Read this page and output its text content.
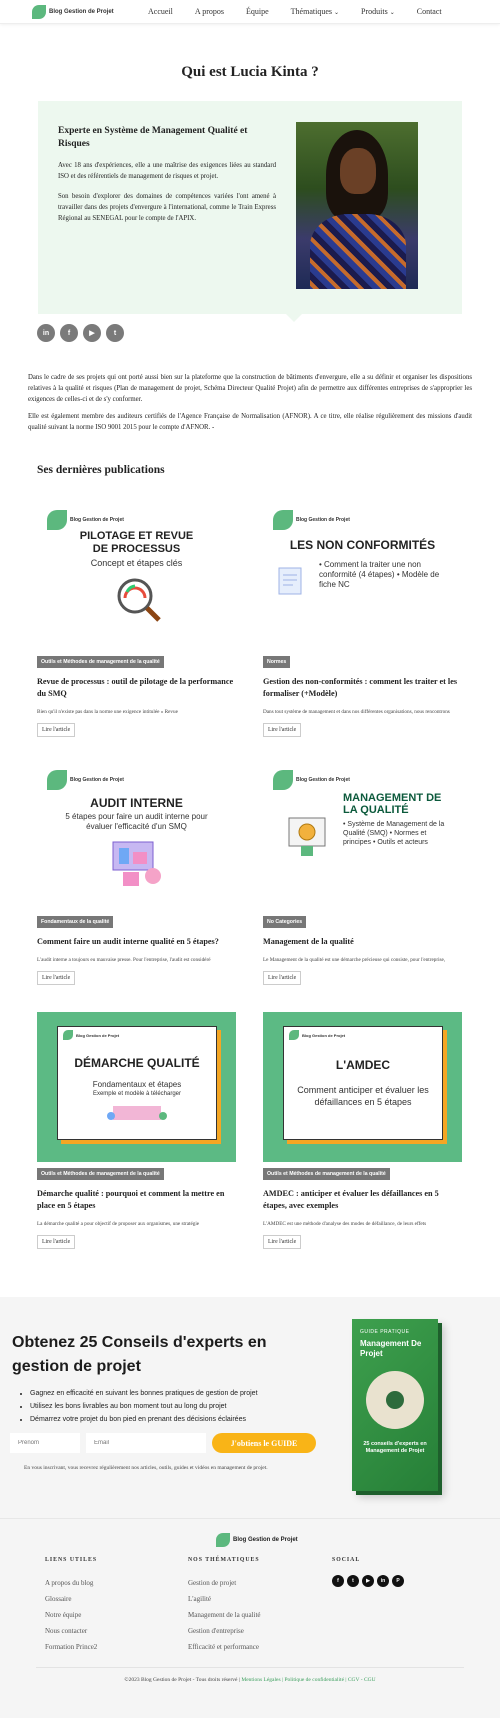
Blog Gestion de Projet	Accueil	A propos	Équipe	Thématiques ⌄	Produits ⌄	Contact
Qui est Lucia Kinta ?
Experte en Système de Management Qualité et Risques

Avec 18 ans d'expériences, elle a une maîtrise des exigences liées au standard ISO et des référentiels de management de risques et projet.

Son besoin d'explorer des domaines de compétences variées l'ont amené à travailler dans des projets d'envergure à l'international, comme le Train Express Régional au SENEGAL pour le compte de l'APIX.

in	f	▶	t

Dans le cadre de ses projets qui ont porté aussi bien sur la plateforme que la construction de bâtiments d'envergure, elle a su définir et organiser les dispositions relatives à la qualité et risques (Plan de management de projet, Schéma Directeur Qualité Projet) afin de permettre aux différentes entreprises de s'approprier les exigences de celles-ci et de s'y conformer.

Elle est également membre des auditeurs certifiés de l'Agence Française de Normalisation (AFNOR). A ce titre, elle réalise régulièrement des missions d'audit qualité suivant la norme ISO 9001 2015 pour le compte d'AFNOR. -

Ses dernières publications
Blog Gestion de Projet
PILOTAGE ET REVUE DE PROCESSUS
Concept et étapes clés
Outils et Méthodes de management de la qualité
Revue de processus : outil de pilotage de la performance du SMQ
Bien qu'il n'existe pas dans la norme une exigence intitulée « Revue
Lire l'article
Blog Gestion de Projet
LES NON CONFORMITÉS
• Comment la traiter une non conformité (4 étapes) • Modèle de fiche NC
Normes
Gestion des non-conformités : comment les traiter et les formaliser (+Modèle)
Dans tout système de management et dans nos différentes organisations, nous rencontrons
Lire l'article
Blog Gestion de Projet
AUDIT INTERNE
5 étapes pour faire un audit interne pour évaluer l'efficacité d'un SMQ
Fondamentaux de la qualité
Comment faire un audit interne qualité en 5 étapes?
L'audit interne a toujours eu mauvaise presse. Pour l'entreprise, l'audit est considéré
Lire l'article
Blog Gestion de Projet
MANAGEMENT DE LA QUALITÉ
• Système de Management de la Qualité (SMQ) • Normes et principes • Outils et acteurs
No Categories
Management de la qualité
Le Management de la qualité est une démarche précieuse qui consiste, pour l'entreprise,
Lire l'article
Blog Gestion de Projet
DÉMARCHE QUALITÉ
Fondamentaux et étapes
Exemple et modèle à télécharger
Outils et Méthodes de management de la qualité
Démarche qualité : pourquoi et comment la mettre en place en 5 étapes
La démarche qualité a pour objectif de proposer aux organismes, une stratégie
Lire l'article
Blog Gestion de Projet
L'AMDEC
Comment anticiper et évaluer les défaillances en 5 étapes
Outils et Méthodes de management de la qualité
AMDEC : anticiper et évaluer les défaillances en 5 étapes, avec exemples
L'AMDEC est une méthode d'analyse des modes de défaillance, de leurs effets
Lire l'article
Obtenez 25 Conseils d'experts en gestion de projet
• Gagnez en efficacité en suivant les bonnes pratiques de gestion de projet
• Utilisez les bons livrables au bon moment tout au long du projet
• Démarrez votre projet du bon pied en prenant des décisions éclairées
Prénom
Email
J'obtiens le GUIDE

En vous inscrivant, vous recevrez régulièrement nos articles, outils, guides et vidéos en management de projet.

GUIDE PRATIQUE
Management De Projet
25 conseils d'experts en Management de Projet
Blog Gestion de Projet
LIENS UTILES
A propos du blog
Glossaire
Notre équipe
Nous contacter
Formation Prince2
NOS THÉMATIQUES
Gestion de projet
L'agilité
Management de la qualité
Gestion d'entreprise
Efficacité et performance
SOCIAL
f	t	▶	in	P
©2023 Blog Gestion de Projet - Tous droits réservé | Mentions Légales | Politique de confidentialité | CGV - CGU
